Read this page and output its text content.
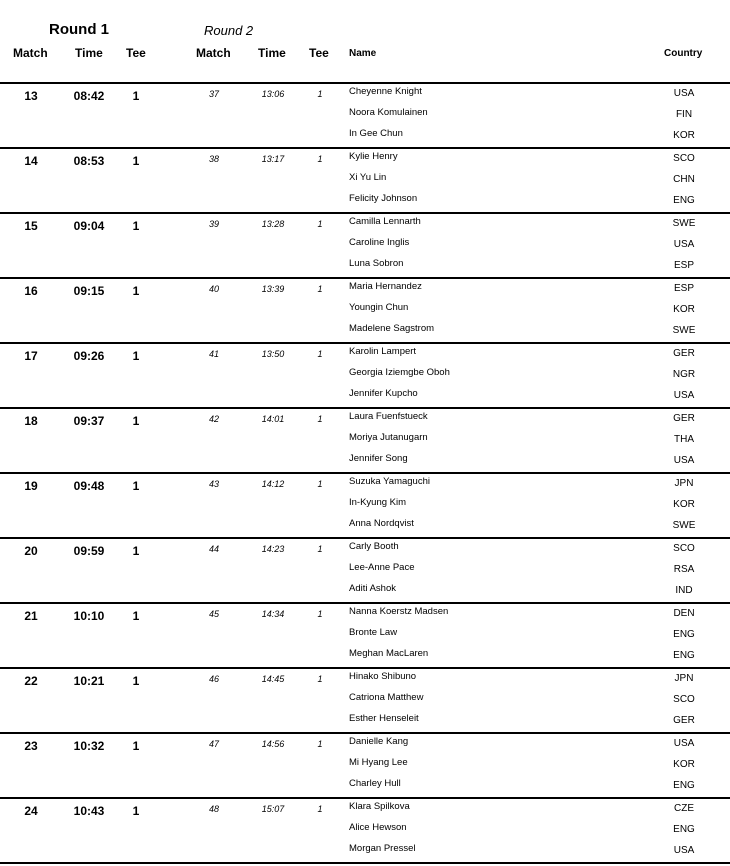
Round 1	Round 2
Match Time Tee	Match Time Tee Name	Country
13	08:42	1	37	13:06	1	Cheyenne Knight	USA
Noora Komulainen	FIN
In Gee Chun	KOR
14	08:53	1	38	13:17	1	Kylie Henry	SCO
Xi Yu Lin	CHN
Felicity Johnson	ENG
15	09:04	1	39	13:28	1	Camilla Lennarth	SWE
Caroline Inglis	USA
Luna Sobron	ESP
16	09:15	1	40	13:39	1	Maria Hernandez	ESP
Youngin Chun	KOR
Madelene Sagstrom	SWE
17	09:26	1	41	13:50	1	Karolin Lampert	GER
Georgia Iziemgbe Oboh	NGR
Jennifer Kupcho	USA
18	09:37	1	42	14:01	1	Laura Fuenfstueck	GER
Moriya Jutanugarn	THA
Jennifer Song	USA
19	09:48	1	43	14:12	1	Suzuka Yamaguchi	JPN
In-Kyung Kim	KOR
Anna Nordqvist	SWE
20	09:59	1	44	14:23	1	Carly Booth	SCO
Lee-Anne Pace	RSA
Aditi Ashok	IND
21	10:10	1	45	14:34	1	Nanna Koerstz Madsen	DEN
Bronte Law	ENG
Meghan MacLaren	ENG
22	10:21	1	46	14:45	1	Hinako Shibuno	JPN
Catriona Matthew	SCO
Esther Henseleit	GER
23	10:32	1	47	14:56	1	Danielle Kang	USA
Mi Hyang Lee	KOR
Charley Hull	ENG
24	10:43	1	48	15:07	1	Klara Spilkova	CZE
Alice Hewson	ENG
Morgan Pressel	USA
